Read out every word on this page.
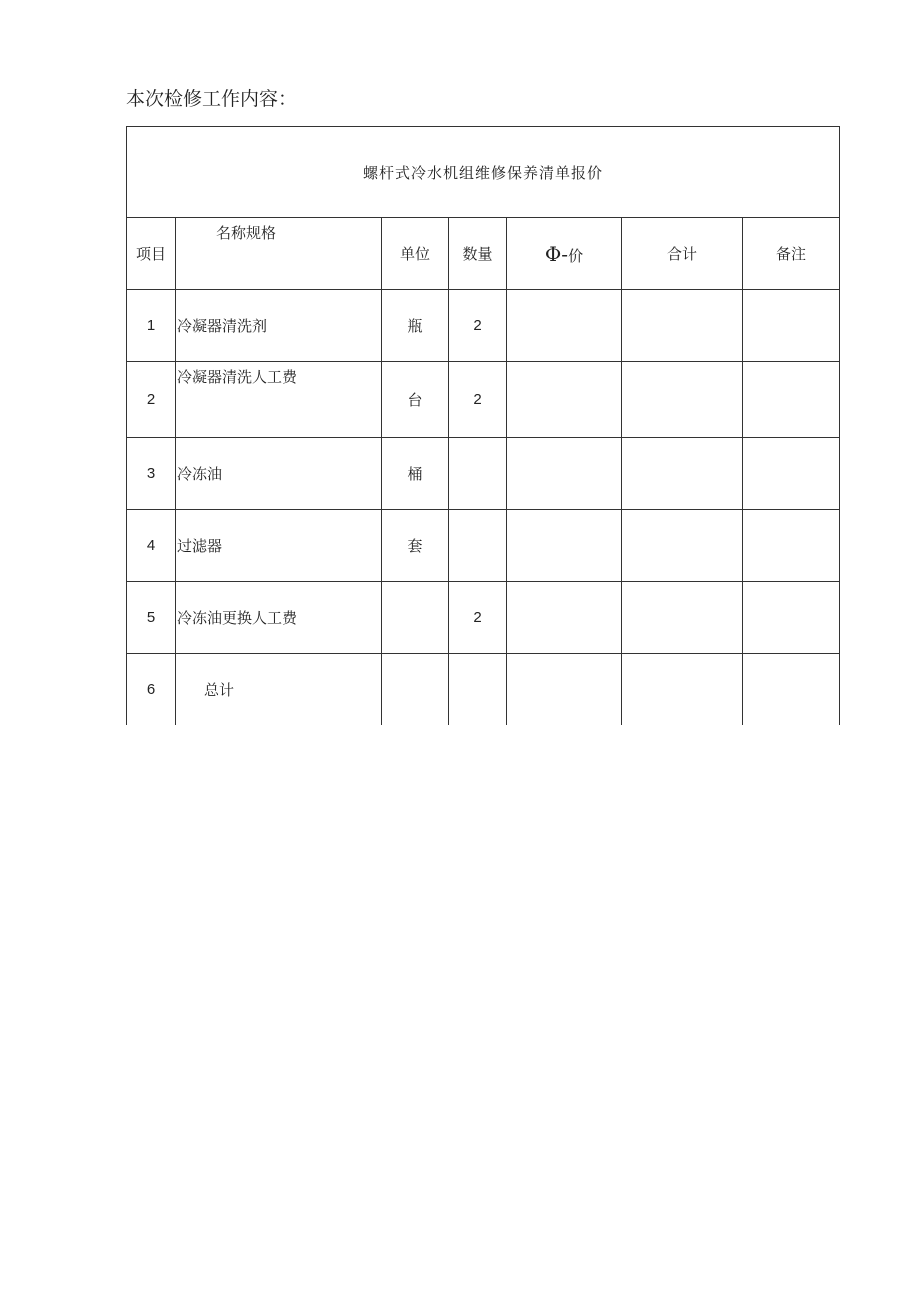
本次检修工作内容：
螺杆式冷水机组维修保养清单报价						
项目	名称规格	单位	数量	Φ-价	合计	备注
1	冷凝器清洗剂	瓶	2			
2	冷凝器清洗人工费	台	2			
3	冷冻油	桶				
4	过滤器	套				
5	冷冻油更换人工费		2			
6	总计					
